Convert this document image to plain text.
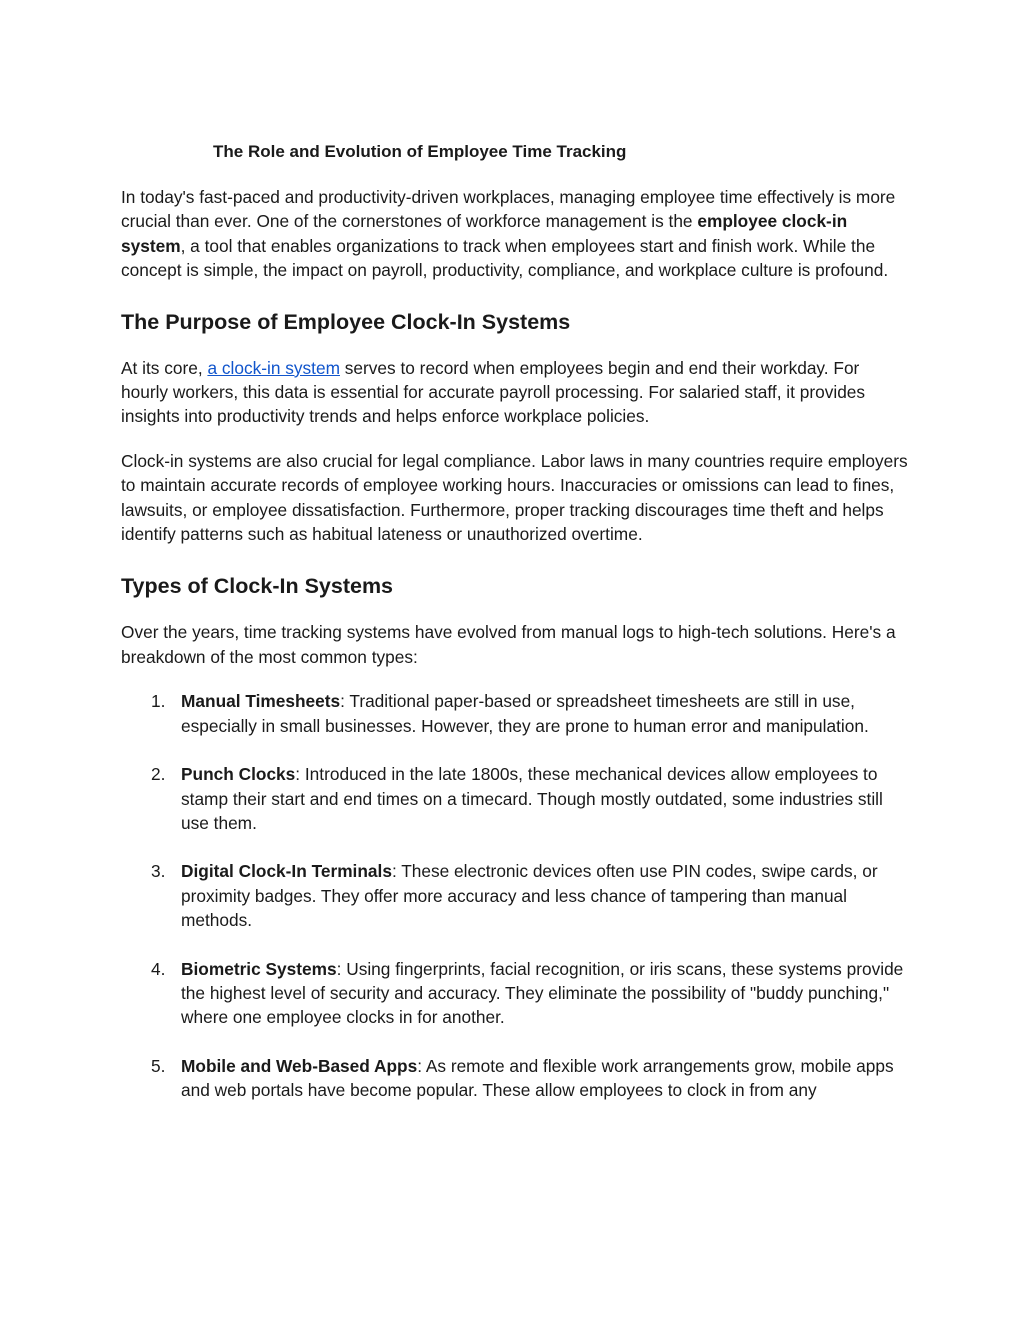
The Role and Evolution of Employee Time Tracking

In today's fast-paced and productivity-driven workplaces, managing employee time effectively is more crucial than ever. One of the cornerstones of workforce management is the employee clock-in system, a tool that enables organizations to track when employees start and finish work. While the concept is simple, the impact on payroll, productivity, compliance, and workplace culture is profound.

The Purpose of Employee Clock-In Systems

At its core, a clock-in system serves to record when employees begin and end their workday. For hourly workers, this data is essential for accurate payroll processing. For salaried staff, it provides insights into productivity trends and helps enforce workplace policies.

Clock-in systems are also crucial for legal compliance. Labor laws in many countries require employers to maintain accurate records of employee working hours. Inaccuracies or omissions can lead to fines, lawsuits, or employee dissatisfaction. Furthermore, proper tracking discourages time theft and helps identify patterns such as habitual lateness or unauthorized overtime.

Types of Clock-In Systems

Over the years, time tracking systems have evolved from manual logs to high-tech solutions. Here's a breakdown of the most common types:

1. Manual Timesheets: Traditional paper-based or spreadsheet timesheets are still in use, especially in small businesses. However, they are prone to human error and manipulation.
2. Punch Clocks: Introduced in the late 1800s, these mechanical devices allow employees to stamp their start and end times on a timecard. Though mostly outdated, some industries still use them.
3. Digital Clock-In Terminals: These electronic devices often use PIN codes, swipe cards, or proximity badges. They offer more accuracy and less chance of tampering than manual methods.
4. Biometric Systems: Using fingerprints, facial recognition, or iris scans, these systems provide the highest level of security and accuracy. They eliminate the possibility of "buddy punching," where one employee clocks in for another.
5. Mobile and Web-Based Apps: As remote and flexible work arrangements grow, mobile apps and web portals have become popular. These allow employees to clock in from any
